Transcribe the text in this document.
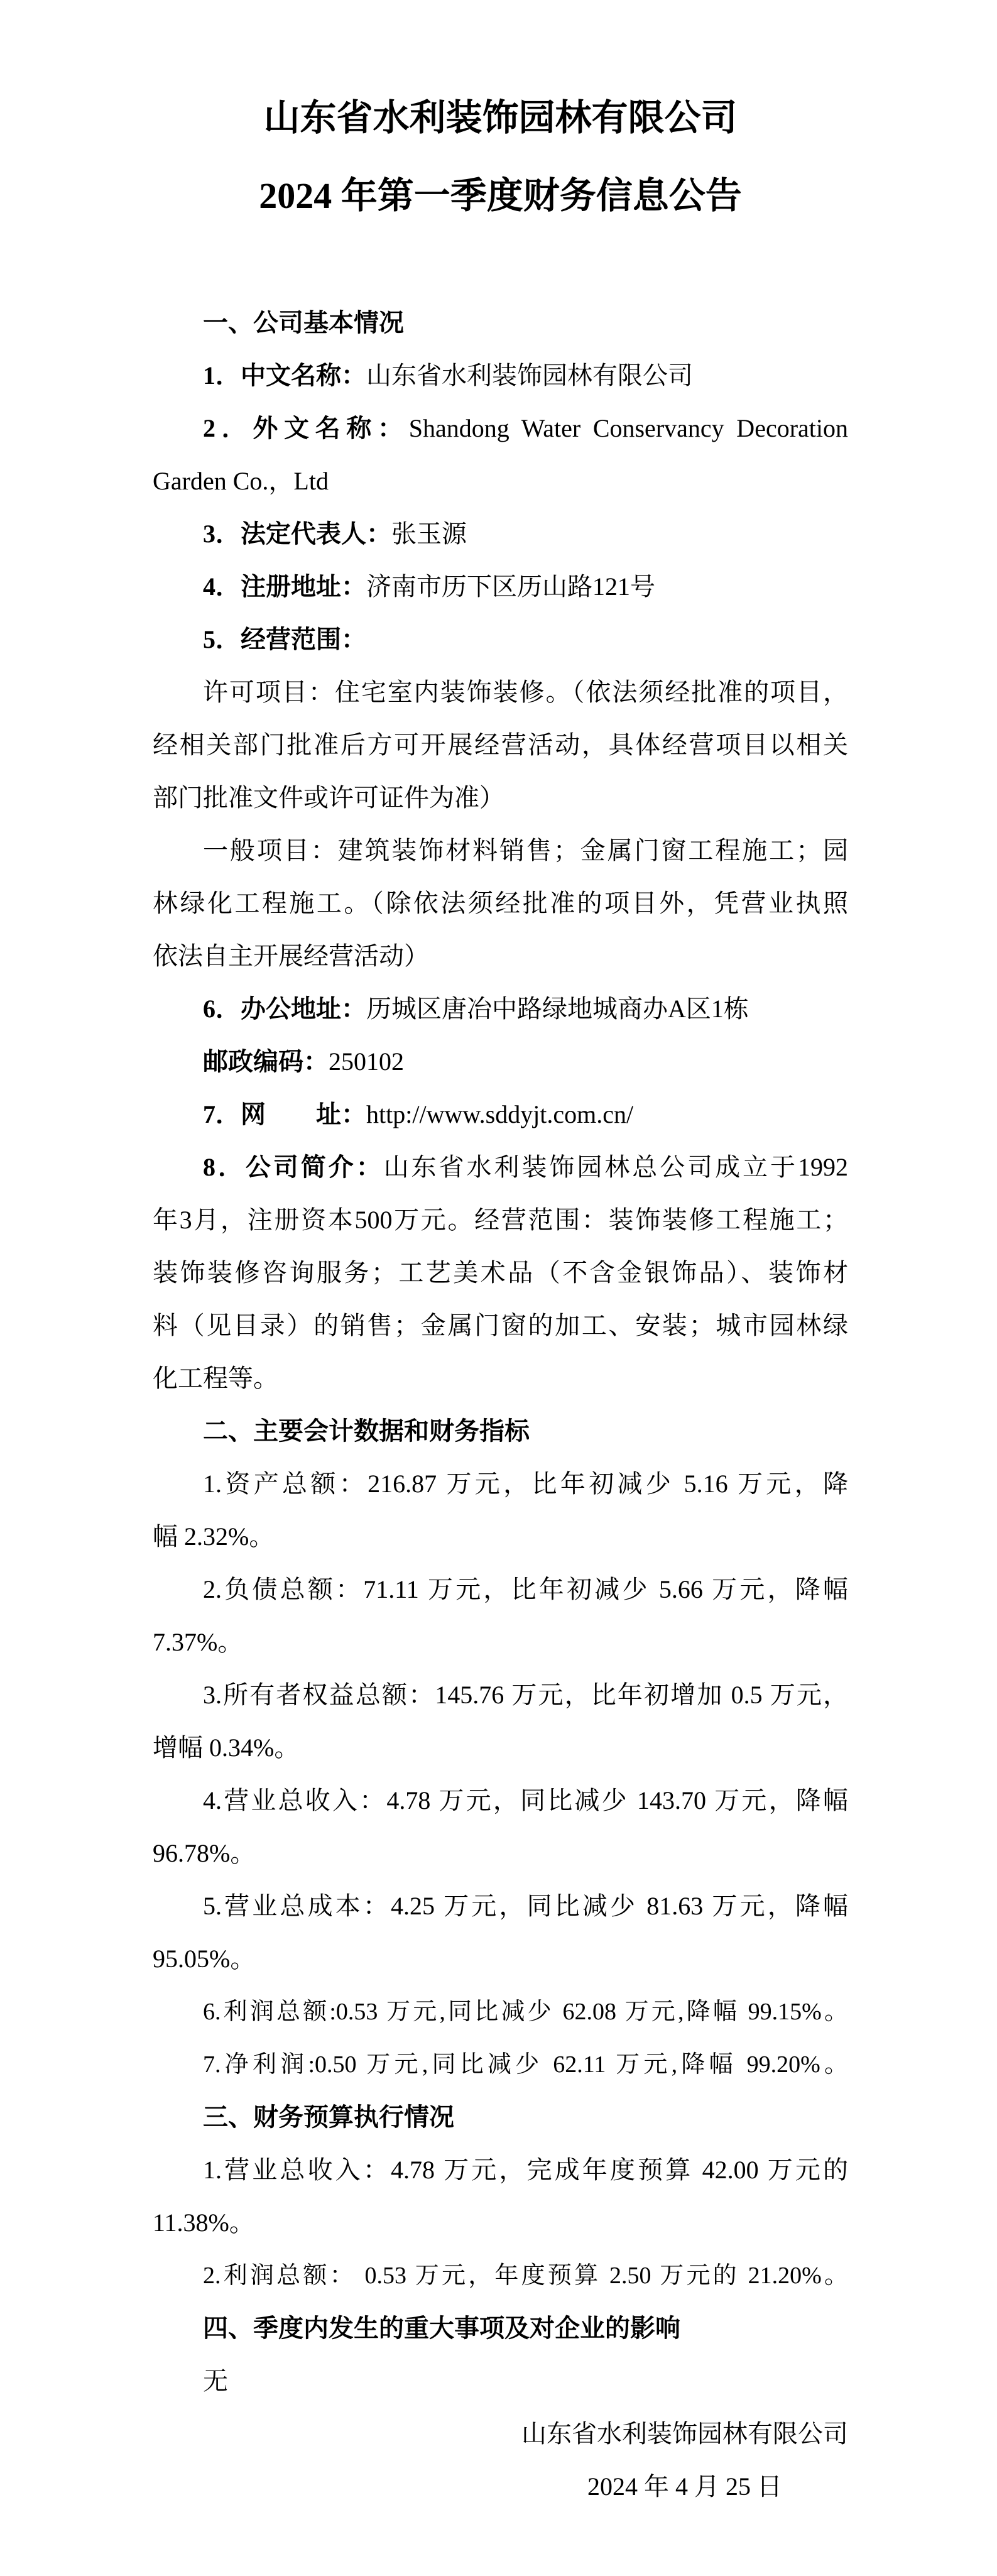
山东省水利装饰园林有限公司
2024 年第一季度财务信息公告
一、公司基本情况
1．中文名称：山东省水利装饰园林有限公司
2．外文名称：Shandong Water Conservancy Decoration
Garden Co.，Ltd
3．法定代表人：张玉源
4．注册地址：济南市历下区历山路121号
5．经营范围：
许可项目：住宅室内装饰装修。（依法须经批准的项目，
经相关部门批准后方可开展经营活动，具体经营项目以相关
部门批准文件或许可证件为准）
一般项目：建筑装饰材料销售；金属门窗工程施工；园
林绿化工程施工。（除依法须经批准的项目外，凭营业执照
依法自主开展经营活动）
6．办公地址：历城区唐冶中路绿地城商办A区1栋
邮政编码：250102
7．网　　址：http://www.sddyjt.com.cn/
8．公司简介：山东省水利装饰园林总公司成立于1992
年3月，注册资本500万元。经营范围：装饰装修工程施工；
装饰装修咨询服务；工艺美术品（不含金银饰品）、装饰材
料（见目录）的销售；金属门窗的加工、安装；城市园林绿
化工程等。
二、主要会计数据和财务指标
1.资产总额：216.87 万元，比年初减少 5.16 万元，降
幅 2.32%。
2.负债总额：71.11 万元，比年初减少 5.66 万元，降幅
7.37%。
3.所有者权益总额：145.76 万元，比年初增加 0.5 万元，
增幅 0.34%。
4.营业总收入：4.78 万元，同比减少 143.70 万元，降幅
96.78%。
5.营业总成本：4.25 万元，同比减少 81.63 万元，降幅
95.05%。
6.利润总额:0.53 万元,同比减少 62.08 万元,降幅 99.15%。
7.净利润:0.50 万元,同比减少 62.11 万元,降幅 99.20%。
三、财务预算执行情况
1.营业总收入：4.78 万元，完成年度预算 42.00 万元的
11.38%。
2.利润总额： 0.53 万元，年度预算 2.50 万元的 21.20%。
四、季度内发生的重大事项及对企业的影响
无
山东省水利装饰园林有限公司
2024 年 4 月 25 日
